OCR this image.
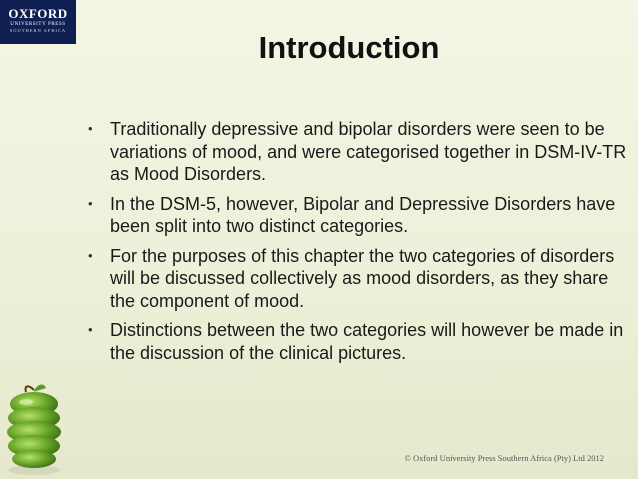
OXFORD
UNIVERSITY PRESS
SOUTHERN AFRICA	Introduction
• Traditionally depressive and bipolar disorders were seen to be variations of mood, and were categorised together in DSM-IV-TR as Mood Disorders.
• In the DSM-5, however, Bipolar and Depressive Disorders have been split into two distinct categories.
• For the purposes of this chapter the two categories of disorders will be discussed collectively as mood disorders, as they share the component of mood.
• Distinctions between the two categories will however be made in the discussion of the clinical pictures.
© Oxford University Press Southern Africa (Pty) Ltd 2012
